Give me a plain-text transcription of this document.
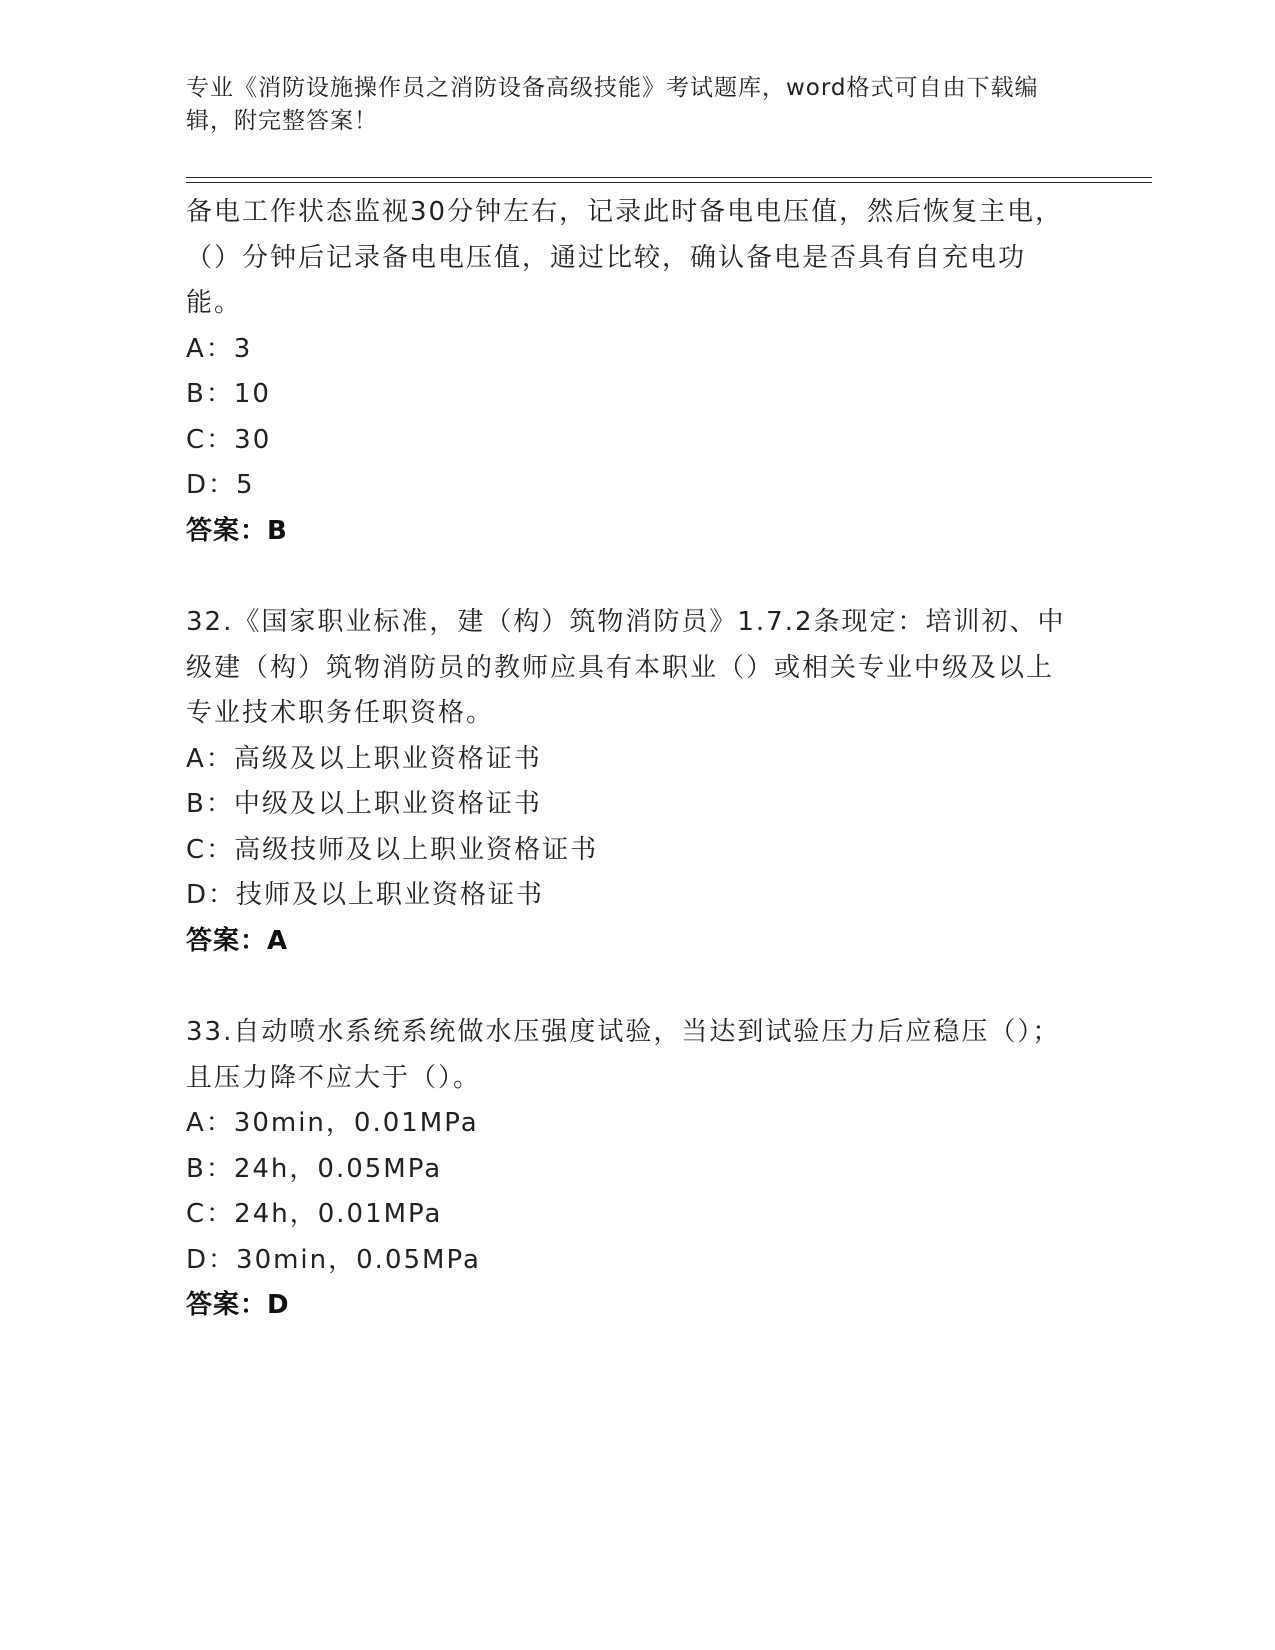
专业《消防设施操作员之消防设备高级技能》考试题库，word格式可自由下载编辑，附完整答案！

备电工作状态监视30分钟左右，记录此时备电电压值，然后恢复主电，（）分钟后记录备电电压值，通过比较，确认备电是否具有自充电功能。

A：3

B：10

C：30

D：5

答案：B

32.《国家职业标准，建（构）筑物消防员》1.7.2条现定：培训初、中级建（构）筑物消防员的教师应具有本职业（）或相关专业中级及以上专业技术职务任职资格。

A：高级及以上职业资格证书

B：中级及以上职业资格证书

C：高级技师及以上职业资格证书

D：技师及以上职业资格证书

答案：A

33.自动喷水系统系统做水压强度试验，当达到试验压力后应稳压（）；且压力降不应大于（）。

A：30min，0.01MPa

B：24h，0.05MPa

C：24h，0.01MPa

D：30min，0.05MPa

答案：D
